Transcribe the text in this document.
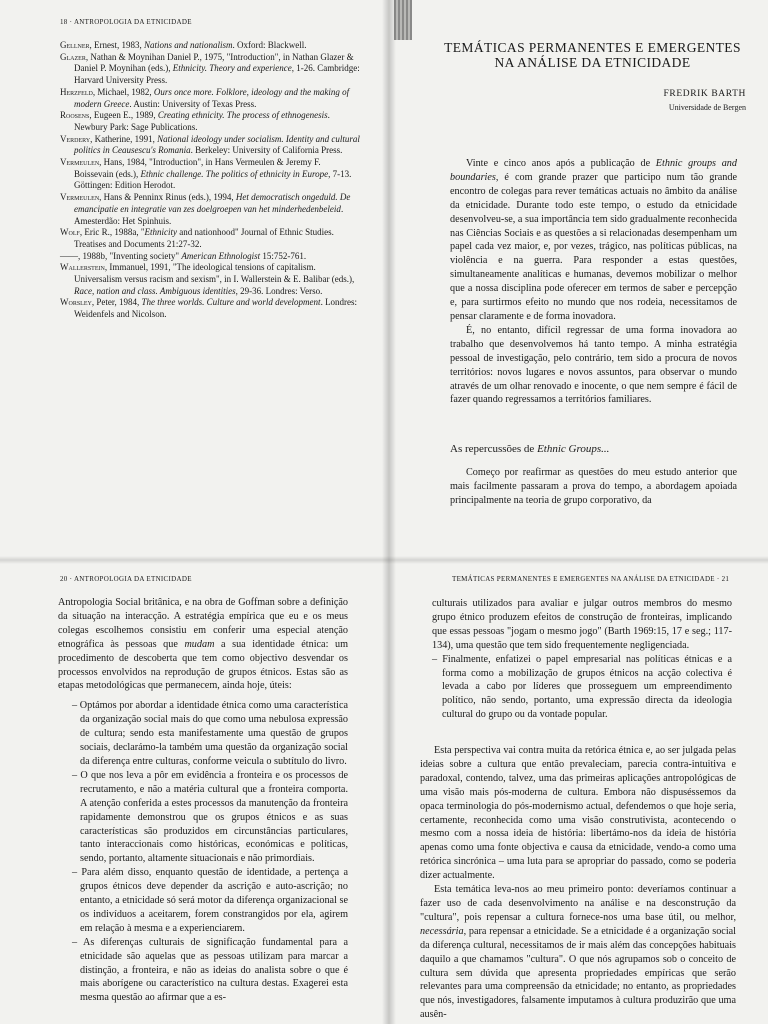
18 · ANTROPOLOGIA DA ETNICIDADE

Gellner, Ernest, 1983, Nations and nationalism. Oxford: Blackwell.

Glazer, Nathan & Moynihan Daniel P., 1975, "Introduction", in Nathan Glazer & Daniel P. Moynihan (eds.), Ethnicity. Theory and experience, 1-26. Cambridge: Harvard University Press.

Herzfeld, Michael, 1982, Ours once more. Folklore, ideology and the making of modern Greece. Austin: University of Texas Press.

Roosens, Eugeen E., 1989, Creating ethnicity. The process of ethnogenesis. Newbury Park: Sage Publications.

Verdery, Katherine, 1991, National ideology under socialism. Identity and cultural politics in Ceausescu's Romania. Berkeley: University of California Press.

Vermeulen, Hans, 1984, "Introduction", in Hans Vermeulen & Jeremy F. Boissevain (eds.), Ethnic challenge. The politics of ethnicity in Europe, 7-13. Göttingen: Edition Herodot.

Vermeulen, Hans & Penninx Rinus (eds.), 1994, Het democratisch ongeduld. De emancipatie en integratie van zes doelgroepen van het minderhedenbeleid. Amesterdão: Het Spinhuis.

Wolf, Eric R., 1988a, "Ethnicity and nationhood" Journal of Ethnic Studies. Treatises and Documents 21:27-32.

——, 1988b, "Inventing society" American Ethnologist 15:752-761.

Wallerstein, Immanuel, 1991, "The ideological tensions of capitalism. Universalism versus racism and sexism", in I. Wallerstein & E. Balibar (eds.), Race, nation and class. Ambiguous identities, 29-36. Londres: Verso.

Worsley, Peter, 1984, The three worlds. Culture and world development. Londres: Weidenfels and Nicolson.

TEMÁTICAS PERMANENTES E EMERGENTES
NA ANÁLISE DA ETNICIDADE
FREDRIK BARTH
Universidade de Bergen

Vinte e cinco anos após a publicação de Ethnic groups and boundaries, é com grande prazer que participo num tão grande encontro de colegas para rever temáticas actuais no âmbito da análise da etnicidade. Durante todo este tempo, o estudo da etnicidade desenvolveu-se, a sua importância tem sido gradualmente reconhecida nas Ciências Sociais e as questões a si relacionadas desempenham um papel cada vez maior, e, por vezes, trágico, nas políticas públicas, na violência e na guerra. Para responder a estas questões, simultaneamente analíticas e humanas, devemos mobilizar o melhor que a nossa disciplina pode oferecer em termos de saber e percepção e, para surtirmos efeito no mundo que nos rodeia, necessitamos de pensar claramente e de forma inovadora.

É, no entanto, difícil regressar de uma forma inovadora ao trabalho que desenvolvemos há tanto tempo. A minha estratégia pessoal de investigação, pelo contrário, tem sido a procura de novos territórios: novos lugares e novos assuntos, para observar o mundo através de um olhar renovado e inocente, o que nem sempre é fácil de fazer quando regressamos a territórios familiares.

As repercussões de Ethnic Groups...

Começo por reafirmar as questões do meu estudo anterior que mais facilmente passaram a prova do tempo, a abordagem apoiada principalmente na teoria de grupo corporativo, da

20 · ANTROPOLOGIA DA ETNICIDADE

Antropologia Social britânica, e na obra de Goffman sobre a definição da situação na interacção. A estratégia empírica que eu e os meus colegas escolhemos consistiu em conferir uma especial atenção etnográfica às pessoas que mudam a sua identidade étnica: um procedimento de descoberta que tem como objectivo desvendar os processos envolvidos na reprodução de grupos étnicos. Estas são as etapas metodológicas que permanecem, ainda hoje, úteis:

– Optámos por abordar a identidade étnica como uma característica da organização social mais do que como uma nebulosa expressão de cultura; sendo esta manifestamente uma questão de grupos sociais, declarámo-la também uma questão da organização social da diferença entre culturas, conforme veicula o subtítulo do livro.
– O que nos leva a pôr em evidência a fronteira e os processos de recrutamento, e não a matéria cultural que a fronteira comporta. A atenção conferida a estes processos da manutenção da fronteira rapidamente demonstrou que os grupos étnicos e as suas características são produzidos em circunstâncias particulares, tanto interaccionais como históricas, económicas e políticas, sendo, portanto, altamente situacionais e não primordiais.
– Para além disso, enquanto questão de identidade, a pertença a grupos étnicos deve depender da ascrição e auto-ascrição; no entanto, a etnicidade só será motor da diferença organizacional se os indivíduos a aceitarem, forem constrangidos por ela, agirem em relação à mesma e a experienciarem.
– As diferenças culturais de significação fundamental para a etnicidade são aquelas que as pessoas utilizam para marcar a distinção, a fronteira, e não as ideias do analista sobre o que é mais aborígene ou característico na cultura destas. Exagerei esta mesma questão ao afirmar que a es-
TEMÁTICAS PERMANENTES E EMERGENTES NA ANÁLISE DA ETNICIDADE · 21
culturais utilizados para avaliar e julgar outros membros do mesmo grupo étnico produzem efeitos de construção de fronteiras, implicando que essas pessoas "jogam o mesmo jogo" (Barth 1969:15, 17 e seg.; 117-134), uma questão que tem sido frequentemente negligenciada.
– Finalmente, enfatizei o papel empresarial nas políticas étnicas e a forma como a mobilização de grupos étnicos na acção colectiva é levada a cabo por líderes que prosseguem um empreendimento político, não sendo, portanto, uma expressão directa da ideologia cultural do grupo ou da vontade popular.

Esta perspectiva vai contra muita da retórica étnica e, ao ser julgada pelas ideias sobre a cultura que então prevaleciam, parecia contra-intuitiva e paradoxal, contendo, talvez, uma das primeiras aplicações antropológicas de uma visão mais pós-moderna de cultura. Embora não dispuséssemos da opaca terminologia do pós-modernismo actual, defendemos o que hoje seria, certamente, reconhecida como uma visão construtivista, acontecendo o mesmo com a nossa ideia de história: libertámo-nos da ideia de história apenas como uma fonte objectiva e causa da etnicidade, vendo-a como uma retórica sincrónica – uma luta para se apropriar do passado, como se poderia dizer actualmente.

Esta temática leva-nos ao meu primeiro ponto: deveríamos continuar a fazer uso de cada desenvolvimento na análise e na desconstrução da "cultura", pois repensar a cultura fornece-nos uma base útil, ou melhor, necessária, para repensar a etnicidade. Se a etnicidade é a organização social da diferença cultural, necessitamos de ir mais além das concepções habituais daquilo a que chamamos "cultura". O que nós agrupamos sob o conceito de cultura sem dúvida que apresenta propriedades empíricas que serão relevantes para uma compreensão da etnicidade; no entanto, as propriedades que nós, investigadores, falsamente imputamos à cultura produzirão que uma ausên-
